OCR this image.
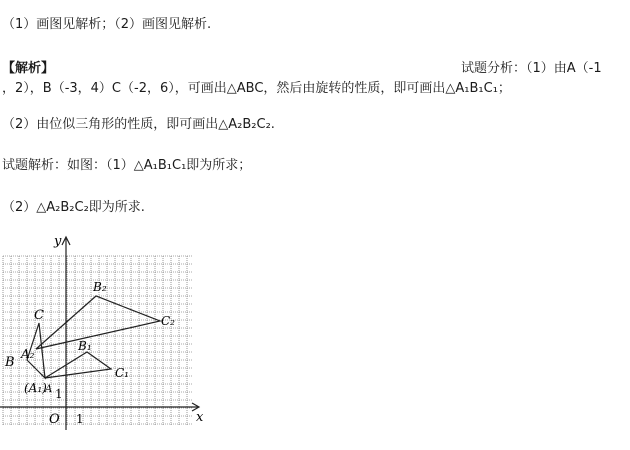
（1）画图见解析；（2）画图见解析.
【解析】	试题分析：（1）由A（-1
，2），B（-3，4）C（-2，6），可画出△ABC，然后由旋转的性质，即可画出△A₁B₁C₁；
（2）由位似三角形的性质，即可画出△A₂B₂C₂.
试题解析：如图：（1）△A₁B₁C₁即为所求；
（2）△A₂B₂C₂即为所求.
y
x
O 1
1
C
B
A₂
(A₁)
A
B₁
C₁
B₂
C₂
